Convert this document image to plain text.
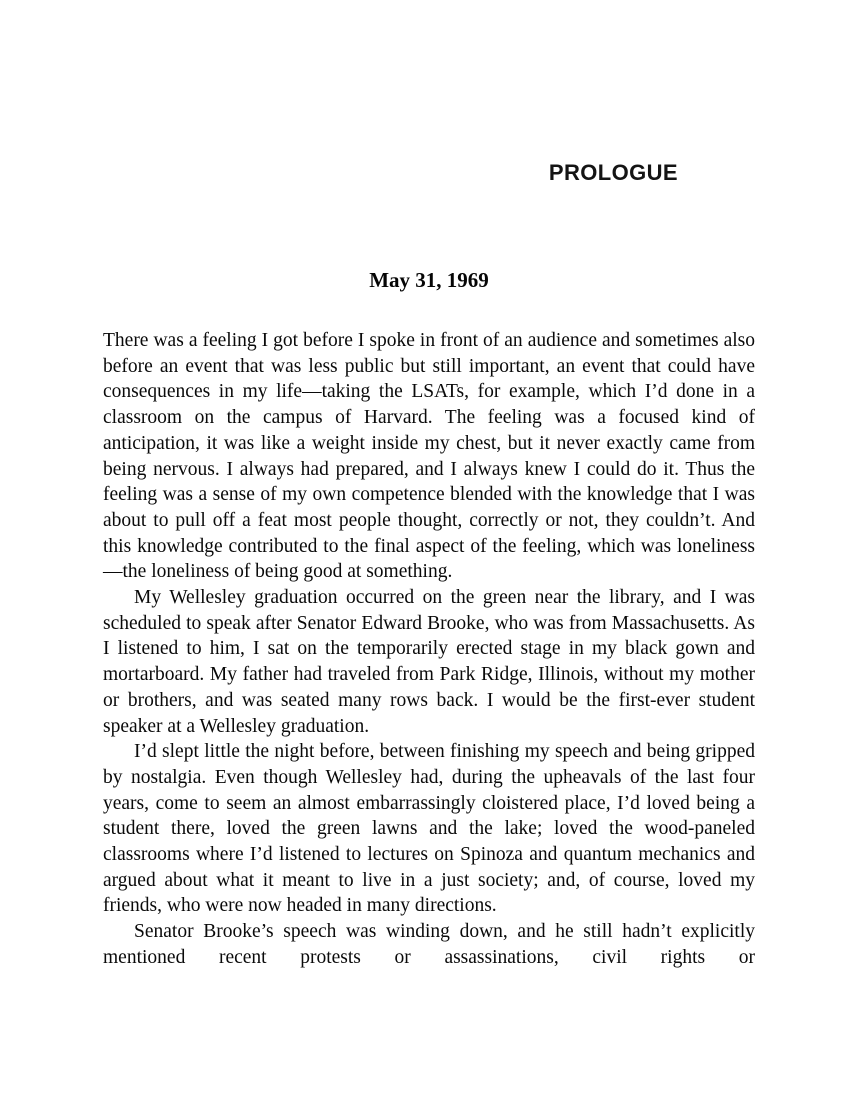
PROLOGUE
May 31, 1969

There was a feeling I got before I spoke in front of an audience and sometimes also before an event that was less public but still important, an event that could have consequences in my life—taking the LSATs, for example, which I’d done in a classroom on the campus of Harvard. The feeling was a focused kind of anticipation, it was like a weight inside my chest, but it never exactly came from being nervous. I always had prepared, and I always knew I could do it. Thus the feeling was a sense of my own competence blended with the knowledge that I was about to pull off a feat most people thought, correctly or not, they couldn’t. And this knowledge contributed to the final aspect of the feeling, which was loneliness—the loneliness of being good at something.

My Wellesley graduation occurred on the green near the library, and I was scheduled to speak after Senator Edward Brooke, who was from Massachusetts. As I listened to him, I sat on the temporarily erected stage in my black gown and mortarboard. My father had traveled from Park Ridge, Illinois, without my mother or brothers, and was seated many rows back. I would be the first-ever student speaker at a Wellesley graduation.

I’d slept little the night before, between finishing my speech and being gripped by nostalgia. Even though Wellesley had, during the upheavals of the last four years, come to seem an almost embarrassingly cloistered place, I’d loved being a student there, loved the green lawns and the lake; loved the wood-paneled classrooms where I’d listened to lectures on Spinoza and quantum mechanics and argued about what it meant to live in a just society; and, of course, loved my friends, who were now headed in many directions.

Senator Brooke’s speech was winding down, and he still hadn’t explicitly mentioned recent protests or assassinations, civil rights or
